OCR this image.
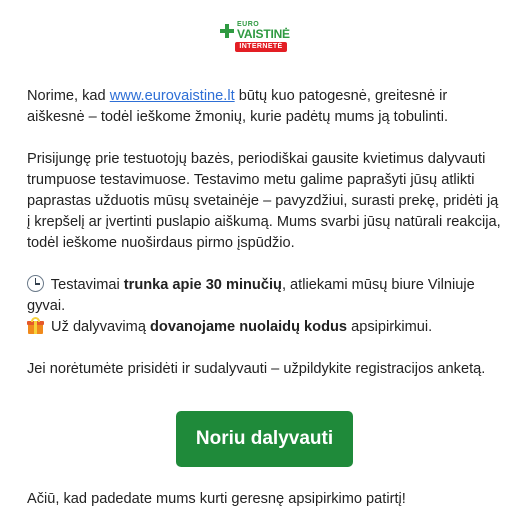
EURO
VAISTINĖ
INTERNETĖ

Norime, kad www.eurovaistine.lt būtų kuo patogesnė, greitesnė ir aiškesnė – todėl ieškome žmonių, kurie padėtų mums ją tobulinti.

Prisijungę prie testuotojų bazės, periodiškai gausite kvietimus dalyvauti trumpuose testavimuose. Testavimo metu galime paprašyti jūsų atlikti paprastas užduotis mūsų svetainėje – pavyzdžiui, surasti prekę, pridėti ją į krepšelį ar įvertinti puslapio aiškumą. Mums svarbi jūsų natūrali reakcija, todėl ieškome nuoširdaus pirmo įspūdžio.

Testavimai trunka apie 30 minučių, atliekami mūsų biure Vilniuje gyvai.

Už dalyvavimą dovanojame nuolaidų kodus apsipirkimui.

Jei norėtumėte prisidėti ir sudalyvauti – užpildykite registracijos anketą.

Noriu dalyvauti

Ačiū, kad padedate mums kurti geresnę apsipirkimo patirtį!
